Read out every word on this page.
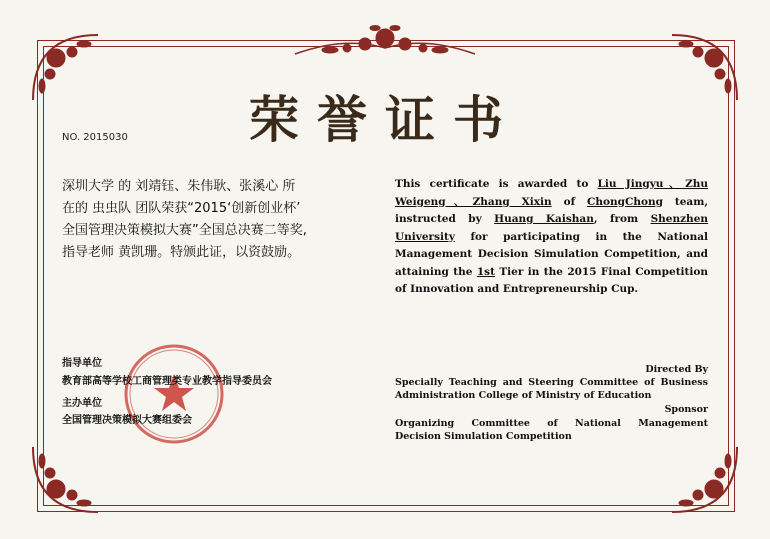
荣誉证书
NO. 2015030
深圳大学 的 刘靖钰、朱伟耿、张溪心 所
在的 虫虫队 团队荣获“2015‘创新创业杯’
全国管理决策模拟大赛”全国总决赛二等奖,
指导老师 黄凯珊。特颁此证，以资鼓励。
This certificate is awarded to Liu Jingyu、Zhu Weigeng、Zhang Xixin of ChongChong team, instructed by Huang Kaishan, from Shenzhen University for participating in the National Management Decision Simulation Competition, and attaining the 1st Tier in the 2015 Final Competition of Innovation and Entrepreneurship Cup.
指导单位
教育部高等学校工商管理类专业教学指导委员会
主办单位
全国管理决策模拟大赛组委会
Directed By
Specially Teaching and Steering Committee of Business Administration College of Ministry of Education
Sponsor
Organizing Committee of National Management
Decision Simulation Competition
